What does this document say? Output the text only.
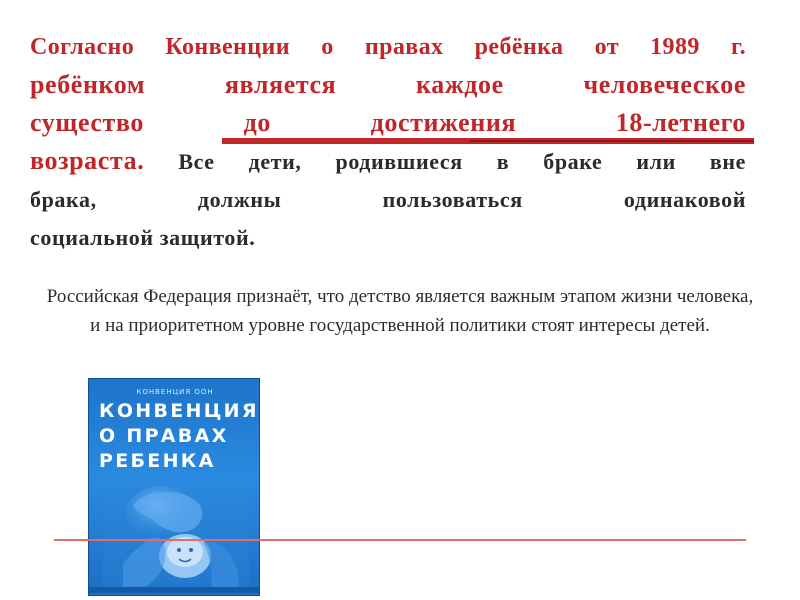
Согласно Конвенции о правах ребёнка от 1989 г.
ребёнком является каждое человеческое
существо до достижения 18-летнего
возраста. Все дети, родившиеся в браке или вне
брака, должны пользоваться одинаковой
социальной защитой.
Российская Федерация признаёт, что детство является важным этапом жизни человека, и на приоритетном уровне государственной политики стоят интересы детей.
КОНВЕНЦИЯ ООН
КОНВЕНЦИЯ
О ПРАВАХ
РЕБЕНКА
